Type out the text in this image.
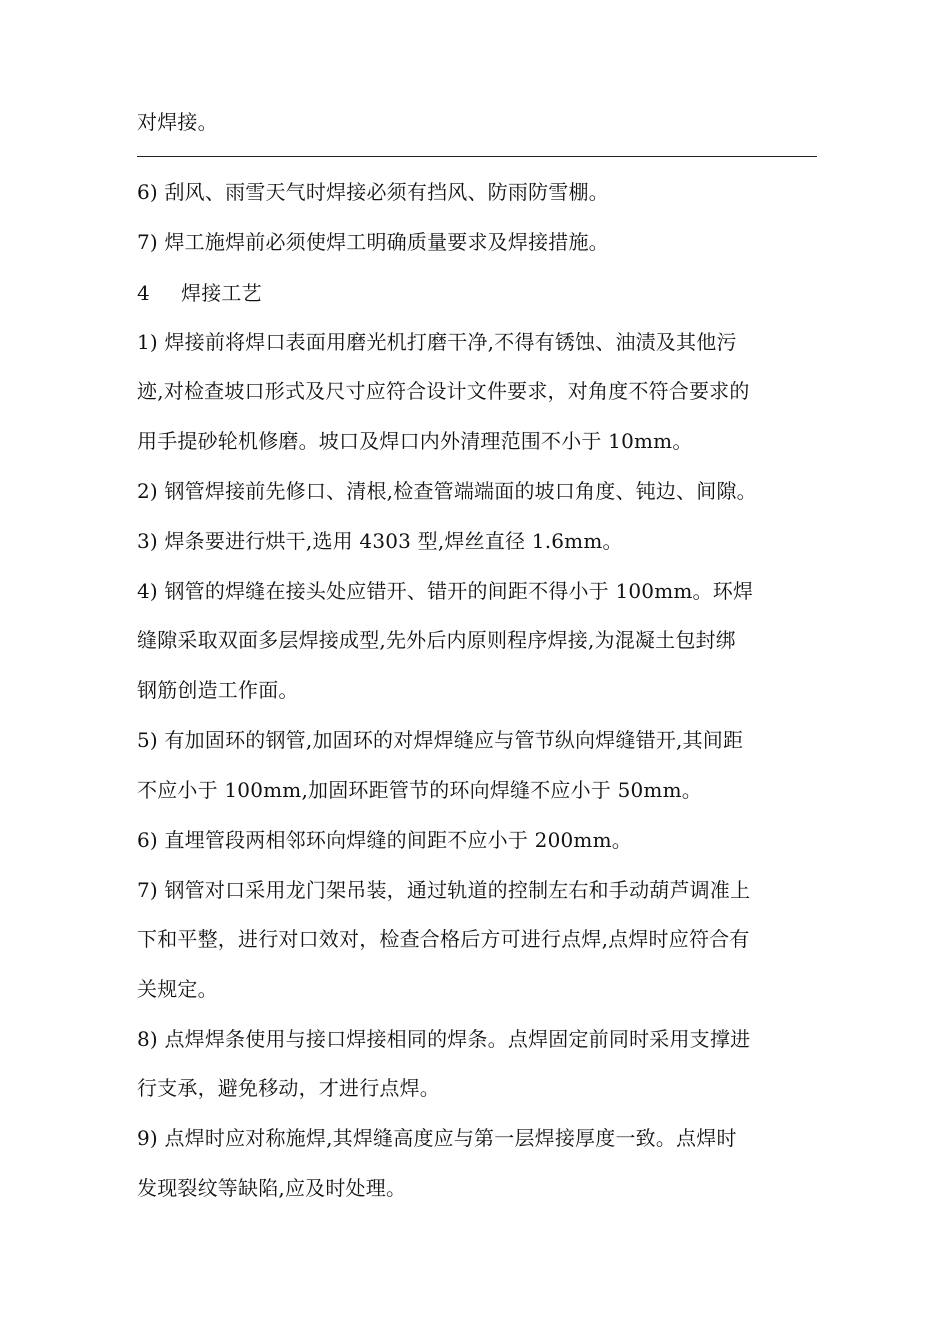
对焊接。
6) 刮风、雨雪天气时焊接必须有挡风、防雨防雪棚。
7) 焊工施焊前必须使焊工明确质量要求及焊接措施。
4 焊接工艺
1) 焊接前将焊口表面用磨光机打磨干净,不得有锈蚀、油渍及其他污
迹,对检查坡口形式及尺寸应符合设计文件要求，对角度不符合要求的
用手提砂轮机修磨。坡口及焊口内外清理范围不小于 10mm。
2) 钢管焊接前先修口、清根,检查管端端面的坡口角度、钝边、间隙。
3) 焊条要进行烘干,选用 4303 型,焊丝直径 1.6mm。
4) 钢管的焊缝在接头处应错开、错开的间距不得小于 100mm。环焊
缝隙采取双面多层焊接成型,先外后内原则程序焊接,为混凝土包封绑
钢筋创造工作面。
5) 有加固环的钢管,加固环的对焊焊缝应与管节纵向焊缝错开,其间距
不应小于 100mm,加固环距管节的环向焊缝不应小于 50mm。
6) 直埋管段两相邻环向焊缝的间距不应小于 200mm。
7) 钢管对口采用龙门架吊装，通过轨道的控制左右和手动葫芦调准上
下和平整，进行对口效对，检查合格后方可进行点焊,点焊时应符合有
关规定。
8) 点焊焊条使用与接口焊接相同的焊条。点焊固定前同时采用支撑进
行支承，避免移动，才进行点焊。
9) 点焊时应对称施焊,其焊缝高度应与第一层焊接厚度一致。点焊时
发现裂纹等缺陷,应及时处理。
